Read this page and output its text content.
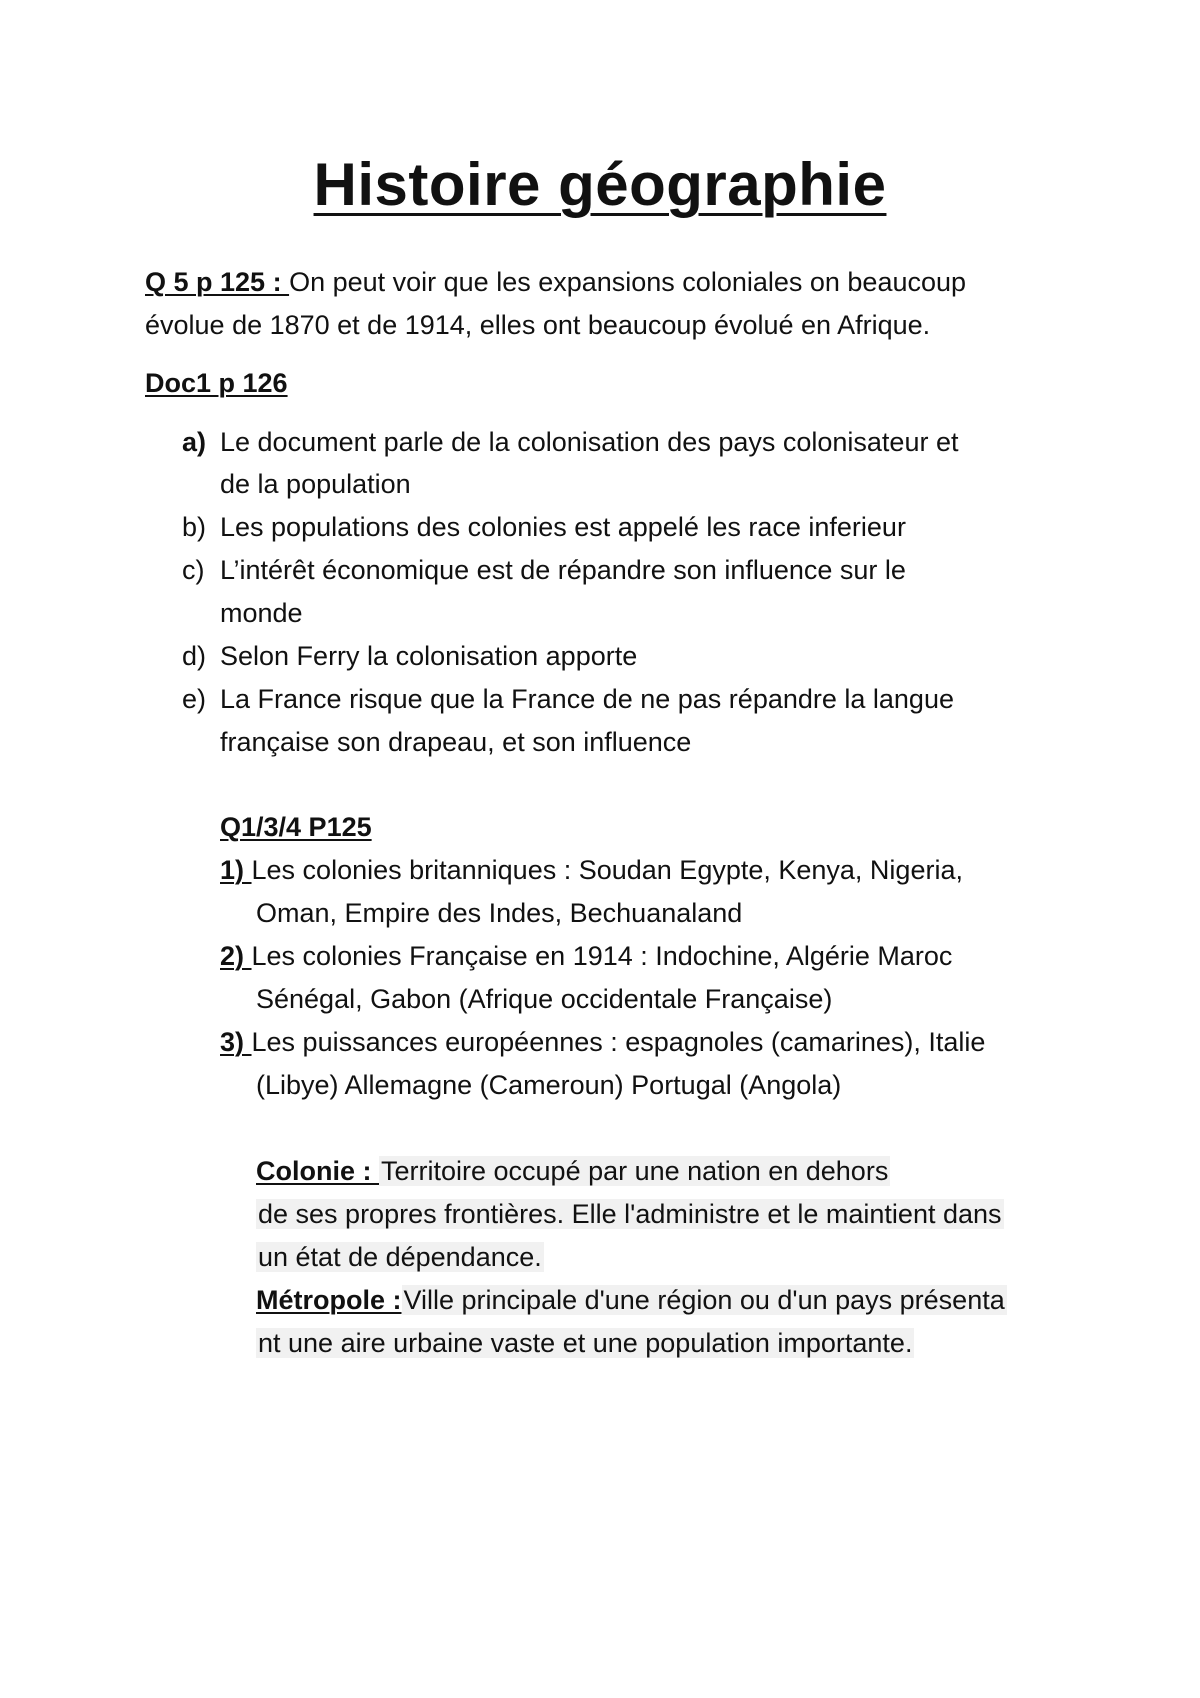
Histoire géographie
Q 5 p 125 : On peut voir que les expansions coloniales on beaucoup
évolue de 1870 et de 1914, elles ont beaucoup évolué en Afrique.
Doc1 p 126
a) Le document parle de la colonisation des pays colonisateur et
de la population
b) Les populations des colonies est appelé les race inferieur
c) L’intérêt économique est de répandre son influence sur le
monde
d) Selon Ferry la colonisation apporte
e) La France risque que la France de ne pas répandre la langue
française son drapeau, et son influence
Q1/3/4 P125
1) Les colonies britanniques : Soudan Egypte, Kenya, Nigeria,
Oman, Empire des Indes, Bechuanaland
2) Les colonies Française en 1914 : Indochine, Algérie Maroc
Sénégal, Gabon (Afrique occidentale Française)
3) Les puissances européennes : espagnoles (camarines), Italie
(Libye) Allemagne (Cameroun) Portugal (Angola)
Colonie : Territoire occupé par une nation en dehors
de ses propres frontières. Elle l'administre et le maintient dans
un état de dépendance.
Métropole :Ville principale d'une région ou d'un pays présenta
nt une aire urbaine vaste et une population importante.
